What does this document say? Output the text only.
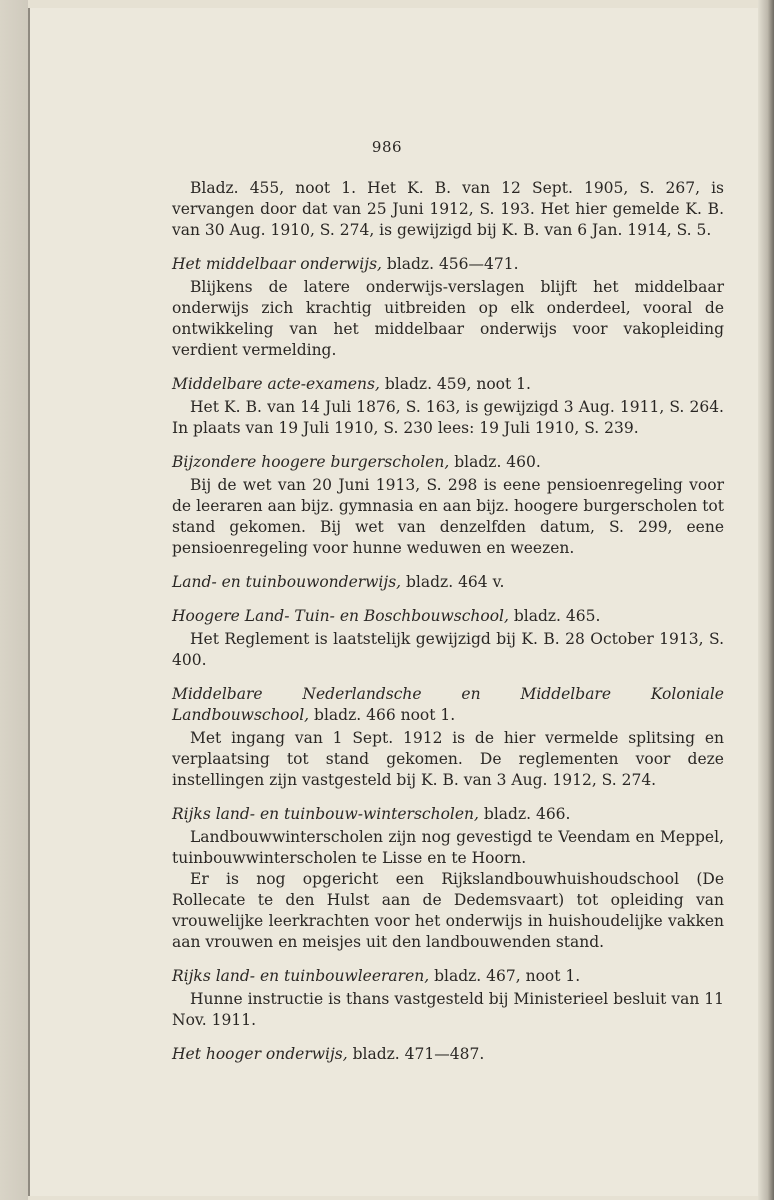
986

Bladz. 455, noot 1. Het K. B. van 12 Sept. 1905, S. 267, is vervangen door dat van 25 Juni 1912, S. 193. Het hier gemelde K. B. van 30 Aug. 1910, S. 274, is gewijzigd bij K. B. van 6 Jan. 1914, S. 5.

Het middelbaar onderwijs, bladz. 456—471.

Blijkens de latere onderwijs-verslagen blijft het middelbaar onderwijs zich krachtig uitbreiden op elk onderdeel, vooral de ontwikkeling van het middelbaar onderwijs voor vakopleiding verdient vermelding.

Middelbare acte-examens, bladz. 459, noot 1.

Het K. B. van 14 Juli 1876, S. 163, is gewijzigd 3 Aug. 1911, S. 264. In plaats van 19 Juli 1910, S. 230 lees: 19 Juli 1910, S. 239.

Bijzondere hoogere burgerscholen, bladz. 460.

Bij de wet van 20 Juni 1913, S. 298 is eene pensioenregeling voor de leeraren aan bijz. gymnasia en aan bijz. hoogere burgerscholen tot stand gekomen. Bij wet van denzelfden datum, S. 299, eene pensioenregeling voor hunne weduwen en weezen.

Land- en tuinbouwonderwijs, bladz. 464 v.

Hoogere Land- Tuin- en Boschbouwschool, bladz. 465.

Het Reglement is laatstelijk gewijzigd bij K. B. 28 October 1913, S. 400.

Middelbare Nederlandsche en Middelbare Koloniale Landbouwschool, bladz. 466 noot 1.

Met ingang van 1 Sept. 1912 is de hier vermelde splitsing en verplaatsing tot stand gekomen. De reglementen voor deze instellingen zijn vastgesteld bij K. B. van 3 Aug. 1912, S. 274.

Rijks land- en tuinbouw-winterscholen, bladz. 466.

Landbouwwinterscholen zijn nog gevestigd te Veendam en Meppel, tuinbouwwinterscholen te Lisse en te Hoorn.

Er is nog opgericht een Rijkslandbouwhuishoudschool (De Rollecate te den Hulst aan de Dedemsvaart) tot opleiding van vrouwelijke leerkrachten voor het onderwijs in huishoudelijke vakken aan vrouwen en meisjes uit den landbouwenden stand.

Rijks land- en tuinbouwleeraren, bladz. 467, noot 1.

Hunne instructie is thans vastgesteld bij Ministerieel besluit van 11 Nov. 1911.

Het hooger onderwijs, bladz. 471—487.
